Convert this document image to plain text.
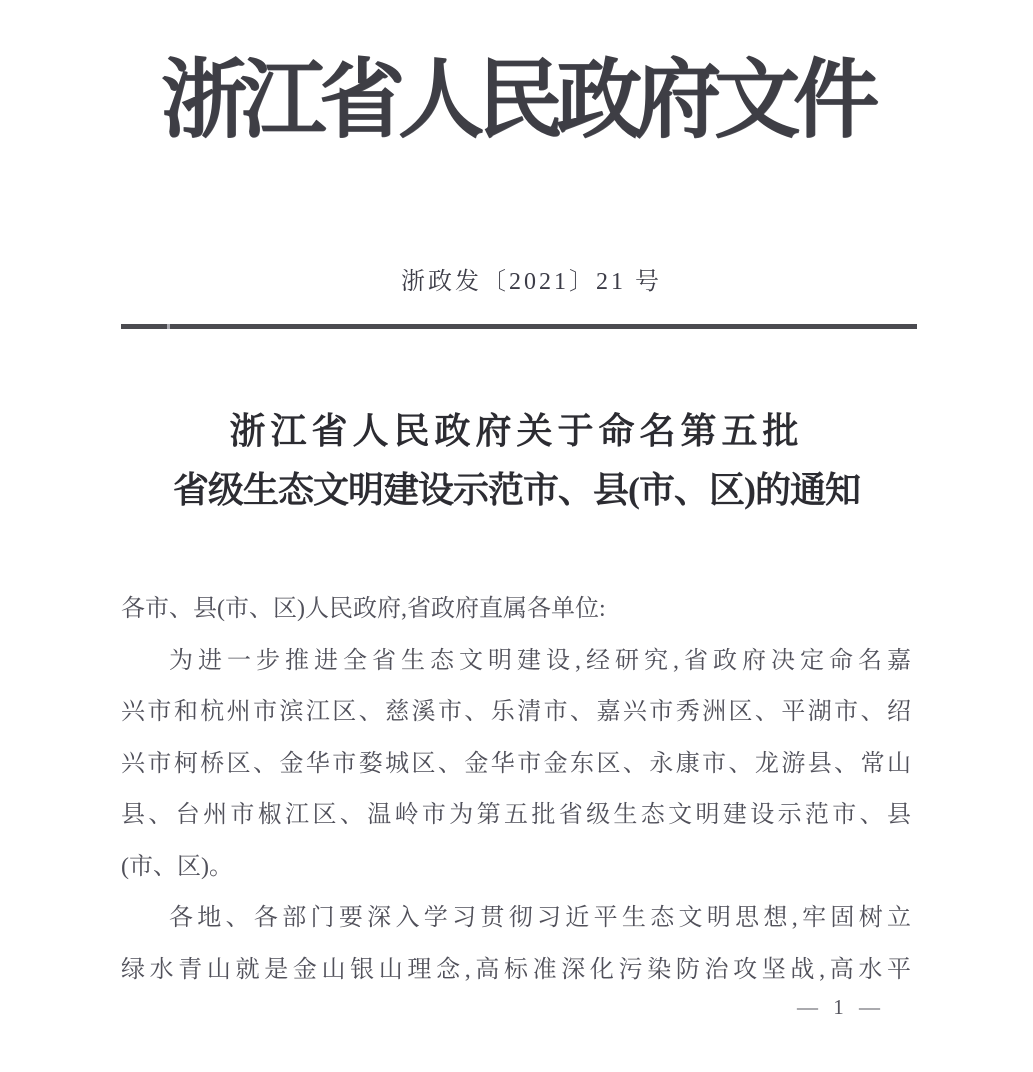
浙江省人民政府文件
浙政发〔2021〕21 号
浙江省人民政府关于命名第五批
省级生态文明建设示范市、县(市、区)的通知

各市、县(市、区)人民政府,省政府直属各单位:

为进一步推进全省生态文明建设,经研究,省政府决定命名嘉

兴市和杭州市滨江区、慈溪市、乐清市、嘉兴市秀洲区、平湖市、绍

兴市柯桥区、金华市婺城区、金华市金东区、永康市、龙游县、常山

县、台州市椒江区、温岭市为第五批省级生态文明建设示范市、县

(市、区)。

各地、各部门要深入学习贯彻习近平生态文明思想,牢固树立

绿水青山就是金山银山理念,高标准深化污染防治攻坚战,高水平

— 1 —
